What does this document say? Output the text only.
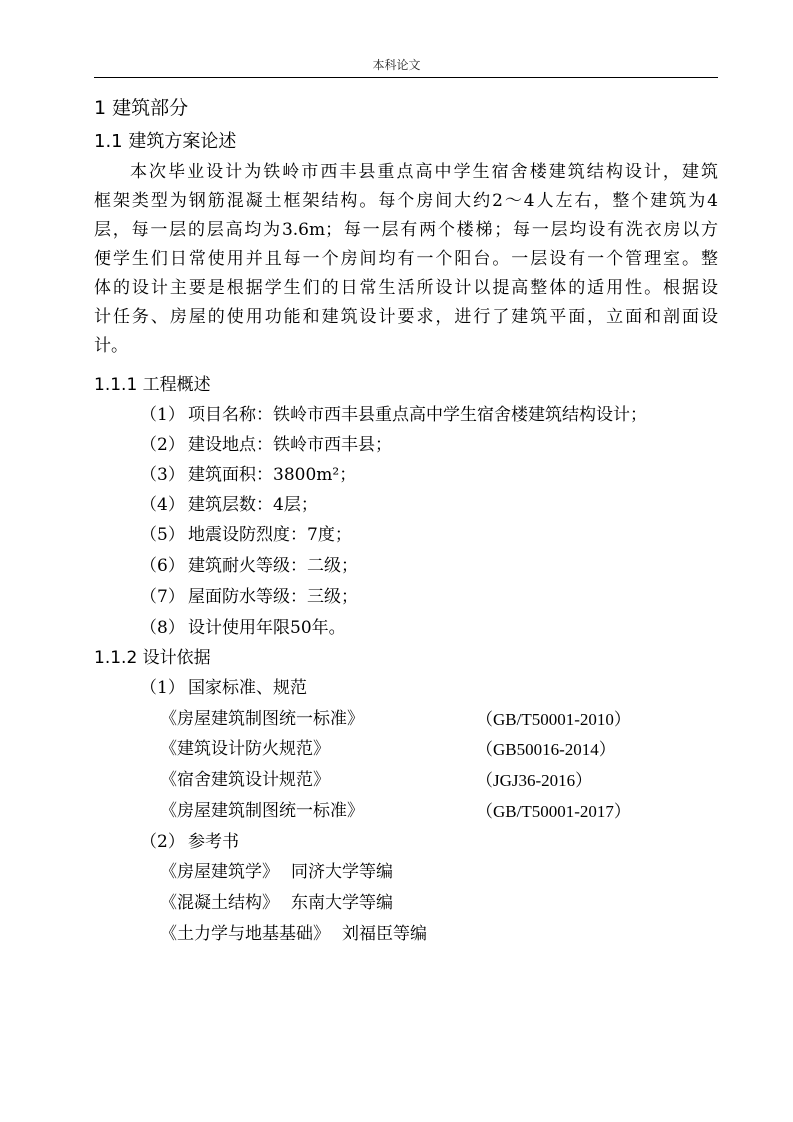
本科论文
1 建筑部分
1.1 建筑方案论述
本次毕业设计为铁岭市西丰县重点高中学生宿舍楼建筑结构设计，建筑
框架类型为钢筋混凝土框架结构。每个房间大约2～4人左右，整个建筑为4
层，每一层的层高均为3.6m；每一层有两个楼梯；每一层均设有洗衣房以方
便学生们日常使用并且每一个房间均有一个阳台。一层设有一个管理室。整
体的设计主要是根据学生们的日常生活所设计以提高整体的适用性。根据设
计任务、房屋的使用功能和建筑设计要求，进行了建筑平面，立面和剖面设
计。
1.1.1 工程概述
（1） 项目名称：铁岭市西丰县重点高中学生宿舍楼建筑结构设计；
（2） 建设地点：铁岭市西丰县；
（3） 建筑面积：3800m²；
（4） 建筑层数：4层；
（5） 地震设防烈度：7度；
（6） 建筑耐火等级：二级；
（7） 屋面防水等级：三级；
（8） 设计使用年限50年。
1.1.2 设计依据
（1） 国家标准、规范
《房屋建筑制图统一标准》	（GB/T50001-2010）
《建筑设计防火规范》	（GB50016-2014）
《宿舍建筑设计规范》	（JGJ36-2016）
《房屋建筑制图统一标准》	（GB/T50001-2017）
（2） 参考书
《房屋建筑学》 同济大学等编
《混凝土结构》 东南大学等编
《土力学与地基基础》 刘福臣等编
